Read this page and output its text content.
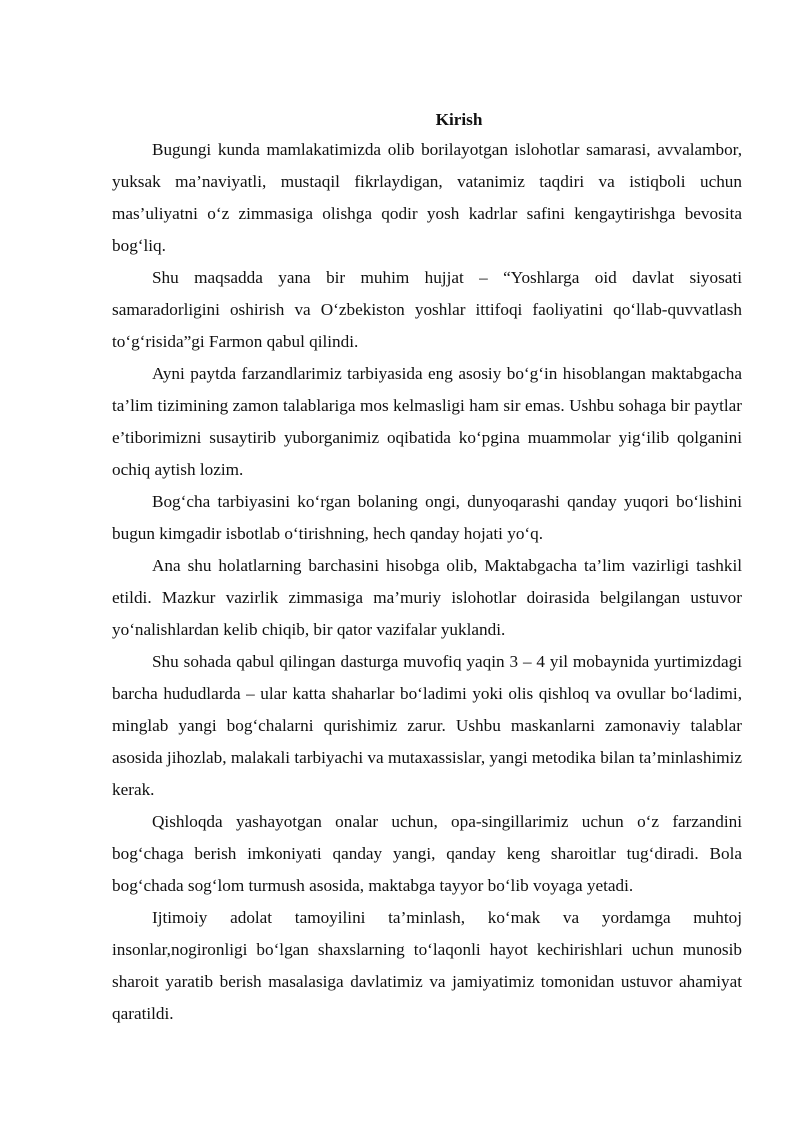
Kirish

Bugungi kunda mamlakatimizda olib borilayotgan islohotlar samarasi, avvalambor, yuksak ma’naviyatli, mustaqil fikrlaydigan, vatanimiz taqdiri va istiqboli uchun mas’uliyatni o‘z zimmasiga olishga qodir yosh kadrlar safini kengaytirishga bevosita bog‘liq.

Shu maqsadda yana bir muhim hujjat – “Yoshlarga oid davlat siyosati samaradorligini oshirish va O‘zbekiston yoshlar ittifoqi faoliyatini qo‘llab-quvvatlash to‘g‘risida”gi Farmon qabul qilindi.

Ayni paytda farzandlarimiz tarbiyasida eng asosiy bo‘g‘in hisoblangan maktabgacha ta’lim tizimining zamon talablariga mos kelmasligi ham sir emas. Ushbu sohaga bir paytlar e’tiborimizni susaytirib yuborganimiz oqibatida ko‘pgina muammolar yig‘ilib qolganini ochiq aytish lozim.

Bog‘cha tarbiyasini ko‘rgan bolaning ongi, dunyoqarashi qanday yuqori bo‘lishini bugun kimgadir isbotlab o‘tirishning, hech qanday hojati yo‘q.

Ana shu holatlarning barchasini hisobga olib, Maktabgacha ta’lim vazirligi tashkil etildi. Mazkur vazirlik zimmasiga ma’muriy islohotlar doirasida belgilangan ustuvor yo‘nalishlardan kelib chiqib, bir qator vazifalar yuklandi.

Shu sohada qabul qilingan dasturga muvofiq yaqin 3 – 4 yil mobaynida yurtimizdagi barcha hududlarda – ular katta shaharlar bo‘ladimi yoki olis qishloq va ovullar bo‘ladimi, minglab yangi bog‘chalarni qurishimiz zarur. Ushbu maskanlarni zamonaviy talablar asosida jihozlab, malakali tarbiyachi va mutaxassislar, yangi metodika bilan ta’minlashimiz kerak.

Qishloqda yashayotgan onalar uchun, opa-singillarimiz uchun o‘z farzandini bog‘chaga berish imkoniyati qanday yangi, qanday keng sharoitlar tug‘diradi. Bola bog‘chada sog‘lom turmush asosida, maktabga tayyor bo‘lib voyaga yetadi.

Ijtimoiy adolat tamoyilini ta’minlash, ko‘mak va yordamga muhtoj insonlar,nogironligi bo‘lgan shaxslarning to‘laqonli hayot kechirishlari uchun munosib sharoit yaratib berish masalasiga davlatimiz va jamiyatimiz tomonidan ustuvor ahamiyat qaratildi.
